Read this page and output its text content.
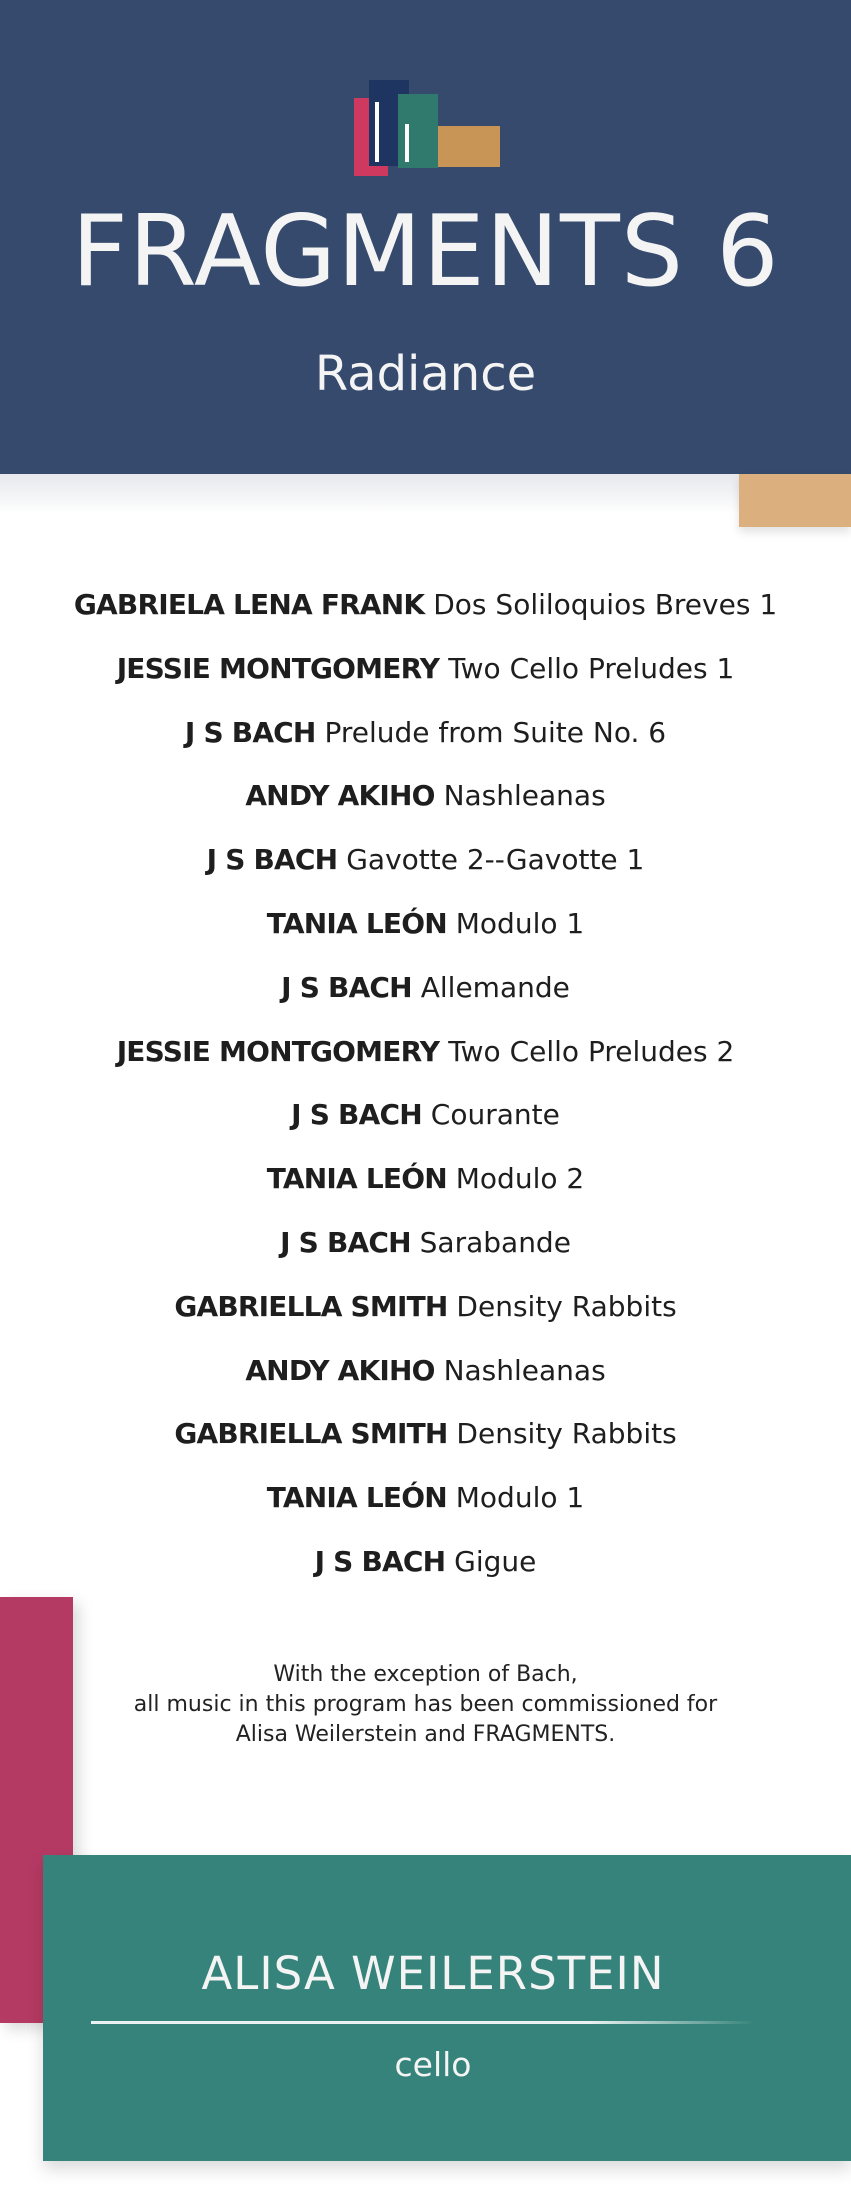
FRAGMENTS 6
Radiance
GABRIELA LENA FRANK Dos Soliloquios Breves 1
JESSIE MONTGOMERY Two Cello Preludes 1
J S BACH Prelude from Suite No. 6
ANDY AKIHO Nashleanas
J S BACH Gavotte 2--Gavotte 1
TANIA LEÓN Modulo 1
J S BACH Allemande
JESSIE MONTGOMERY Two Cello Preludes 2
J S BACH Courante
TANIA LEÓN Modulo 2
J S BACH Sarabande
GABRIELLA SMITH Density Rabbits
ANDY AKIHO Nashleanas
GABRIELLA SMITH Density Rabbits
TANIA LEÓN Modulo 1
J S BACH Gigue

With the exception of Bach,

all music in this program has been commissioned for

Alisa Weilerstein and FRAGMENTS.

ALISA WEILERSTEIN
cello
